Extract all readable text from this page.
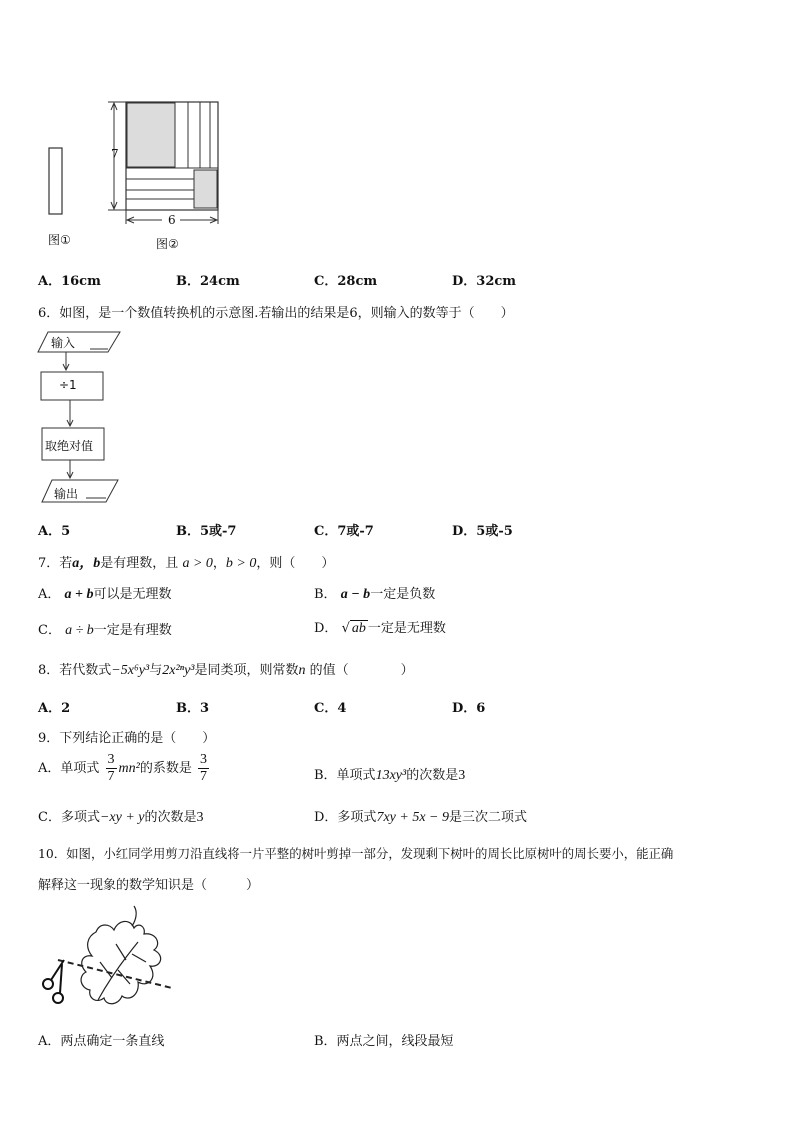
图①
7
6
图②
A．16cm	B．24cm	C．28cm	D．32cm
6．如图，是一个数值转换机的示意图.若输出的结果是6，则输入的数等于（　　）
输入
÷1
取绝对值
输出
A．5	B．5或-7	C．7或-7	D．5或-5
7．若a，b是有理数，且 a > 0，b > 0，则（　　）
A． a + b可以是无理数	B． a − b一定是负数
C． a ÷ b一定是有理数	D． √ ab 一定是无理数
8．若代数式−5x⁶y³与2x²ⁿy³是同类项，则常数n 的值（　　　　）
A．2	B．3	C．4	D．6
9．下列结论正确的是（　　）
A．单项式 $\frac{3}{7} mn^2$的系数是 $\frac{3}{7}$	B．单项式13xy³的次数是3
C．多项式−xy + y的次数是3	D．多项式7xy + 5x − 9是三次二项式
10．如图，小红同学用剪刀沿直线将一片平整的树叶剪掉一部分，发现剩下树叶的周长比原树叶的周长要小，能正确
解释这一现象的数学知识是（　　　）
A．两点确定一条直线	B．两点之间，线段最短
